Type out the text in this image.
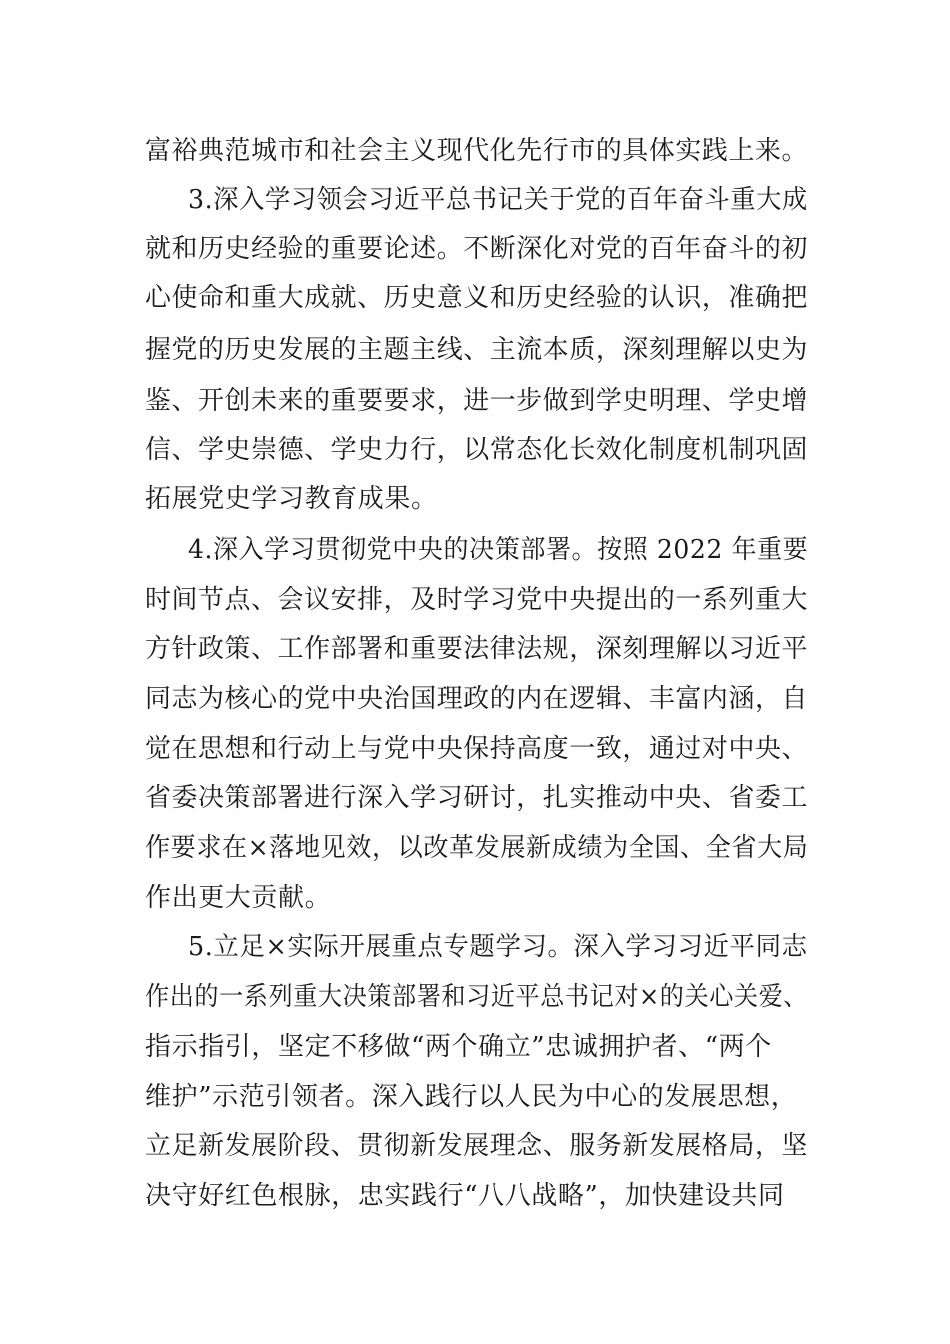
富裕典范城市和社会主义现代化先行市的具体实践上来。
3.深入学习领会习近平总书记关于党的百年奋斗重大成
就和历史经验的重要论述。不断深化对党的百年奋斗的初
心使命和重大成就、历史意义和历史经验的认识，准确把
握党的历史发展的主题主线、主流本质，深刻理解以史为
鉴、开创未来的重要要求，进一步做到学史明理、学史增
信、学史崇德、学史力行，以常态化长效化制度机制巩固
拓展党史学习教育成果。
4.深入学习贯彻党中央的决策部署。按照 2022 年重要
时间节点、会议安排，及时学习党中央提出的一系列重大
方针政策、工作部署和重要法律法规，深刻理解以习近平
同志为核心的党中央治国理政的内在逻辑、丰富内涵，自
觉在思想和行动上与党中央保持高度一致，通过对中央、
省委决策部署进行深入学习研讨，扎实推动中央、省委工
作要求在×落地见效，以改革发展新成绩为全国、全省大局
作出更大贡献。
5.立足×实际开展重点专题学习。深入学习习近平同志
作出的一系列重大决策部署和习近平总书记对×的关心关爱、
指示指引，坚定不移做“两个确立”忠诚拥护者、“两个
维护”示范引领者。深入践行以人民为中心的发展思想，
立足新发展阶段、贯彻新发展理念、服务新发展格局，坚
决守好红色根脉，忠实践行“八八战略”，加快建设共同
